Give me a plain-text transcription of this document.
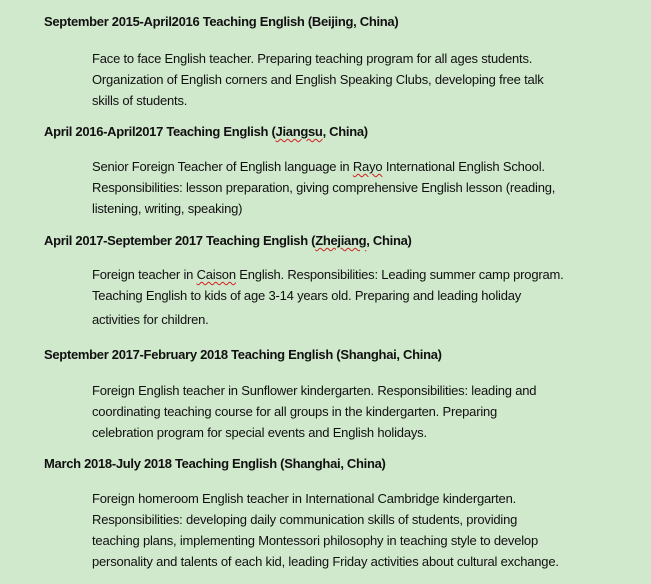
September 2015-April2016 Teaching English (Beijing, China)
Face to face English teacher. Preparing teaching program for all ages students.
Organization of English corners and English Speaking Clubs, developing free talk
skills of students.
April 2016-April2017 Teaching English (Jiangsu, China)
Senior Foreign Teacher of English language in Rayo International English School.
Responsibilities: lesson preparation, giving comprehensive English lesson (reading,
listening, writing, speaking)
April 2017-September 2017 Teaching English (Zhejiang, China)
Foreign teacher in Caison English. Responsibilities: Leading summer camp program.
Teaching English to kids of age 3-14 years old. Preparing and leading holiday
activities for children.
September 2017-February 2018 Teaching English (Shanghai, China)
Foreign English teacher in Sunflower kindergarten. Responsibilities: leading and
coordinating teaching course for all groups in the kindergarten. Preparing
celebration program for special events and English holidays.
March 2018-July 2018 Teaching English (Shanghai, China)
Foreign homeroom English teacher in International Cambridge kindergarten.
Responsibilities: developing daily communication skills of students, providing
teaching plans, implementing Montessori philosophy in teaching style to develop
personality and talents of each kid, leading Friday activities about cultural exchange.
